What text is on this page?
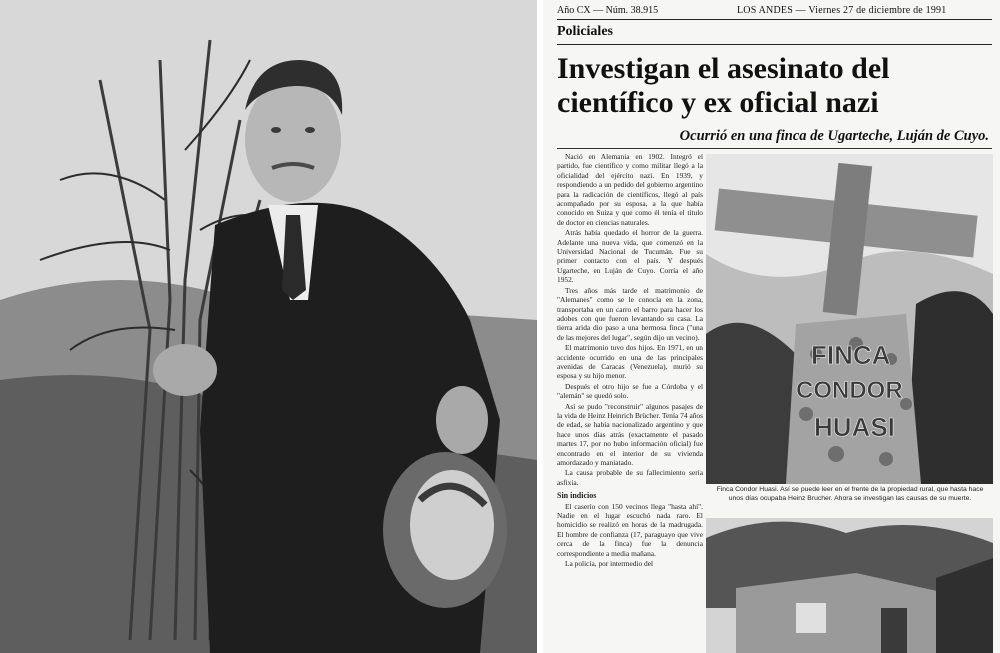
Año CX — Núm. 38.915	LOS ANDES — Viernes 27 de diciembre de 1991
Policiales
Investigan el asesinato del
científico y ex oficial nazi
Ocurrió en una finca de Ugarteche, Luján de Cuyo.

Nació en Alemania en 1902. Integró el partido, fue científico y como militar llegó a la oficialidad del ejército nazi. En 1939, y respondiendo a un pedido del gobierno argentino para la radicación de científicos, llegó al país acompañado por su esposa, a la que había conocido en Suiza y que como él tenía el título de doctor en ciencias naturales.

Atrás había quedado el horror de la guerra. Adelante una nueva vida, que comenzó en la Universidad Nacional de Tucumán. Fue su primer contacto con el país. Y después Ugarteche, en Luján de Cuyo. Corría el año 1952.

Tres años más tarde el matrimonio de "Alemanes" como se le conocía en la zona, transportaba en un carro el barro para hacer los adobes con que fueron levantando su casa. La tierra arida dio paso a una hermosa finca ("una de las mejores del lugar", según dijo un vecino).

El matrimonio tuvo dos hijos. En 1971, en un accidente ocurrido en una de las principales avenidas de Caracas (Venezuela), murió su esposa y su hijo menor.

Después el otro hijo se fue a Córdoba y el "alemán" se quedó solo.

Así se pudo "reconstruir" algunos pasajes de la vida de Heinz Heinrich Brücher. Tenía 74 años de edad, se había nacionalizado argentino y que hace unos días atrás (exactamente el pasado martes 17, por no hubo información oficial) fue encontrado en el interior de su vivienda amordazado y maniatado.

La causa probable de su fallecimiento sería asfixia.

Sin indicios

El caserío con 150 vecinos llega "hasta ahí". Nadie en el lugar escuchó nada raro. El homicidio se realizó en horas de la madrugada. El hombre de confianza (17, paraguayo que vive cerca de la finca) fue la denuncia correspondiente a media mañana.

La policía, por intermedio del

FINCA
CONDOR
HUASI
Finca Condor Huasi. Así se puede leer en el frente de la propiedad rural, que hasta hace unos días ocupaba Heinz Brucher. Ahora se investigan las causas de su muerte.
